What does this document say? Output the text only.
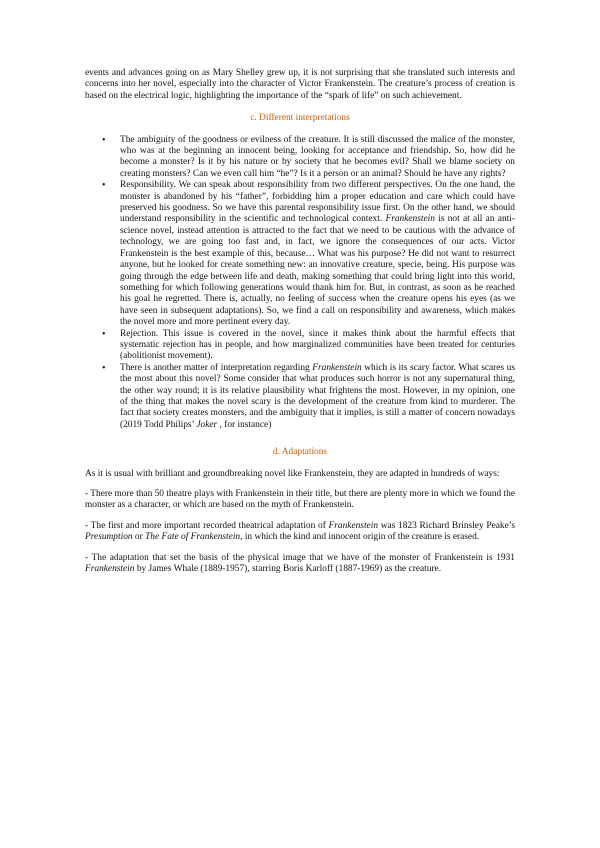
events and advances going on as Mary Shelley grew up, it is not surprising that she translated such interests and concerns into her novel, especially into the character of Victor Frankenstein. The creature’s process of creation is based on the electrical logic, highlighting the importance of the “spark of life” on such achievement.

c. Different interpretations
• The ambiguity of the goodness or evilness of the creature. It is still discussed the malice of the monster, who was at the beginning an innocent being, looking for acceptance and friendship. So, how did he become a monster? Is it by his nature or by society that he becomes evil? Shall we blame society on creating monsters? Can we even call him “he”? Is it a person or an animal? Should he have any rights?
• Responsibility. We can speak about responsibility from two different perspectives. On the one hand, the monster is abandoned by his “father”, forbidding him a proper education and care which could have preserved his goodness. So we have this parental responsibility issue first. On the other hand, we should understand responsibility in the scientific and technological context. Frankenstein is not at all an anti-science novel, instead attention is attracted to the fact that we need to be cautious with the advance of technology, we are going too fast and, in fact, we ignore the consequences of our acts. Victor Frankenstein is the best example of this, because… What was his purpose? He did not want to resurrect anyone, but he looked for create something new: an innovative creature, specie, being. His purpose was going through the edge between life and death, making something that could bring light into this world, something for which following generations would thank him for. But, in contrast, as soon as he reached his goal he regretted. There is, actually, no feeling of success when the creature opens his eyes (as we have seen in subsequent adaptations). So, we find a call on responsibility and awareness, which makes the novel more and more pertinent every day.
• Rejection. This issue is covered in the novel, since it makes think about the harmful effects that systematic rejection has in people, and how marginalized communities have been treated for centuries (abolitionist movement).
• There is another matter of interpretation regarding Frankenstein which is its scary factor. What scares us the most about this novel? Some consider that what produces such horror is not any supernatural thing, the other way round; it is its relative plausibility what frightens the most. However, in my opinion, one of the thing that makes the novel scary is the development of the creature from kind to murderer. The fact that society creates monsters, and the ambiguity that it implies, is still a matter of concern nowadays (2019 Todd Philips’ Joker , for instance)
d. Adaptations

As it is usual with brilliant and groundbreaking novel like Frankenstein, they are adapted in hundreds of ways:

- There more than 50 theatre plays with Frankenstein in their title, but there are plenty more in which we found the monster as a character, or which are based on the myth of Frankenstein.

- The first and more important recorded theatrical adaptation of Frankenstein was 1823 Richard Brinsley Peake’s Presumption or The Fate of Frankenstein, in which the kind and innocent origin of the creature is erased.

- The adaptation that set the basis of the physical image that we have of the monster of Frankenstein is 1931 Frankenstein by James Whale (1889-1957), starring Boris Karloff (1887-1969) as the creature.
